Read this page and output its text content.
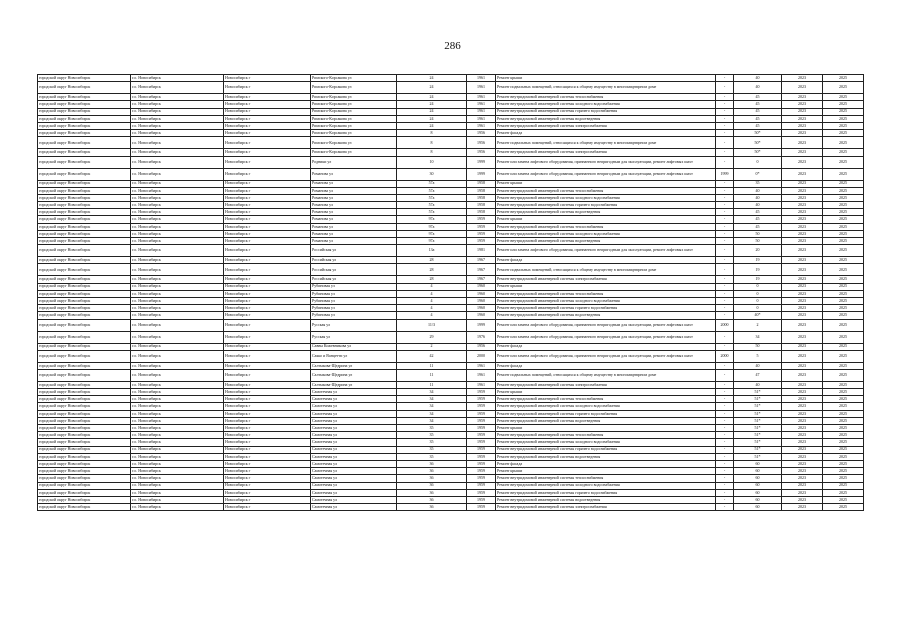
286
городской округ Новосибирск	г.о. Новосибирск	Новосибирск г	Римского-Корсакова ул	24	1961	Ремонт крыши	-	40	2023	2025
городской округ Новосибирск	г.о. Новосибирск	Новосибирск г	Римского-Корсакова ул	24	1961	Ремонт подвальных помещений, относящихся к общему имуществу в многоквартирном доме	-	40	2023	2025
городской округ Новосибирск	г.о. Новосибирск	Новосибирск г	Римского-Корсакова ул	24	1961	Ремонт внутридомовой инженерной системы теплоснабжения	-	45	2023	2025
городской округ Новосибирск	г.о. Новосибирск	Новосибирск г	Римского-Корсакова ул	24	1961	Ремонт внутридомовой инженерной системы холодного водоснабжения	-	45	2023	2025
городской округ Новосибирск	г.о. Новосибирск	Новосибирск г	Римского-Корсакова ул	24	1961	Ремонт внутридомовой инженерной системы горячего водоснабжения	-	45	2023	2025
городской округ Новосибирск	г.о. Новосибирск	Новосибирск г	Римского-Корсакова ул	24	1961	Ремонт внутридомовой инженерной системы водоотведения	-	45	2023	2025
городской округ Новосибирск	г.о. Новосибирск	Новосибирск г	Римского-Корсакова ул	24	1961	Ремонт внутридомовой инженерной системы электроснабжения	-	45	2023	2025
городской округ Новосибирск	г.о. Новосибирск	Новосибирск г	Римского-Корсакова ул	8	1956	Ремонт фасада	-	50*	2023	2025
городской округ Новосибирск	г.о. Новосибирск	Новосибирск г	Римского-Корсакова ул	8	1956	Ремонт подвальных помещений, относящихся к общему имуществу в многоквартирном доме	-	50*	2023	2025
городской округ Новосибирск	г.о. Новосибирск	Новосибирск г	Римского-Корсакова ул	8	1956	Ремонт внутридомовой инженерной системы электроснабжения	-	50*	2023	2025
городской округ Новосибирск	г.о. Новосибирск	Новосибирск г	Родники ул	10	1999	Ремонт или замена лифтового оборудования, признанного непригодным для эксплуатации, ремонт лифтовых шахт	-	0	2023	2025
городской округ Новосибирск	г.о. Новосибирск	Новосибирск г	Романова ул	30	1999	Ремонт или замена лифтового оборудования, признанного непригодным для эксплуатации, ремонт лифтовых шахт	1999	0*	2023	2025
городской округ Новосибирск	г.о. Новосибирск	Новосибирск г	Романова ул	57а	1958	Ремонт крыши	-	35	2023	2025
городской округ Новосибирск	г.о. Новосибирск	Новосибирск г	Романова ул	57а	1958	Ремонт внутридомовой инженерной системы теплоснабжения	-	40	2023	2025
городской округ Новосибирск	г.о. Новосибирск	Новосибирск г	Романова ул	57а	1958	Ремонт внутридомовой инженерной системы холодного водоснабжения	-	40	2023	2025
городской округ Новосибирск	г.о. Новосибирск	Новосибирск г	Романова ул	57а	1958	Ремонт внутридомовой инженерной системы горячего водоснабжения	-	40	2023	2025
городской округ Новосибирск	г.о. Новосибирск	Новосибирск г	Романова ул	57а	1958	Ремонт внутридомовой инженерной системы водоотведения	-	45	2023	2025
городской округ Новосибирск	г.о. Новосибирск	Новосибирск г	Романова ул	97а	1959	Ремонт крыши	-	45	2023	2025
городской округ Новосибирск	г.о. Новосибирск	Новосибирск г	Романова ул	97а	1959	Ремонт внутридомовой инженерной системы теплоснабжения	-	45	2023	2025
городской округ Новосибирск	г.о. Новосибирск	Новосибирск г	Романова ул	97а	1959	Ремонт внутридомовой инженерной системы холодного водоснабжения	-	50	2023	2025
городской округ Новосибирск	г.о. Новосибирск	Новосибирск г	Романова ул	97а	1959	Ремонт внутридомовой инженерной системы водоотведения	-	50	2023	2025
городской округ Новосибирск	г.о. Новосибирск	Новосибирск г	Российская ул	13а	1981	Ремонт или замена лифтового оборудования, признанного непригодным для эксплуатации, ремонт лифтовых шахт	-	20	2023	2025
городской округ Новосибирск	г.о. Новосибирск	Новосибирск г	Российская ул	28	1967	Ремонт фасада	-	19	2023	2025
городской округ Новосибирск	г.о. Новосибирск	Новосибирск г	Российская ул	28	1967	Ремонт подвальных помещений, относящихся к общему имуществу в многоквартирном доме	-	19	2023	2025
городской округ Новосибирск	г.о. Новосибирск	Новосибирск г	Российская ул	28	1967	Ремонт внутридомовой инженерной системы электроснабжения	-	19	2023	2025
городской округ Новосибирск	г.о. Новосибирск	Новосибирск г	Рубиновая ул	4	1960	Ремонт крыши	-	0	2023	2025
городской округ Новосибирск	г.о. Новосибирск	Новосибирск г	Рубиновая ул	4	1960	Ремонт внутридомовой инженерной системы теплоснабжения	-	0	2023	2025
городской округ Новосибирск	г.о. Новосибирск	Новосибирск г	Рубиновая ул	4	1960	Ремонт внутридомовой инженерной системы холодного водоснабжения	-	0	2023	2025
городской округ Новосибирск	г.о. Новосибирск	Новосибирск г	Рубиновая ул	4	1960	Ремонт внутридомовой инженерной системы горячего водоснабжения	-	0	2023	2025
городской округ Новосибирск	г.о. Новосибирск	Новосибирск г	Рубиновая ул	4	1960	Ремонт внутридомовой инженерной системы водоотведения	-	40*	2023	2025
городской округ Новосибирск	г.о. Новосибирск	Новосибирск г	Русская ул	11/3	1999	Ремонт или замена лифтового оборудования, признанного непригодным для эксплуатации, ремонт лифтовых шахт	2000	2	2023	2025
городской округ Новосибирск	г.о. Новосибирск	Новосибирск г	Русская ул	29	1976	Ремонт или замена лифтового оборудования, признанного непригодным для эксплуатации, ремонт лифтовых шахт	-	34	2023	2025
городской округ Новосибирск	г.о. Новосибирск	Новосибирск г	Саввы Кожевникова ул	2	1956	Ремонт фасада	-	50	2023	2025
городской округ Новосибирск	г.о. Новосибирск	Новосибирск г	Сакко и Ванцетти ул	42	2000	Ремонт или замена лифтового оборудования, признанного непригодным для эксплуатации, ремонт лифтовых шахт	2000	5	2023	2025
городской округ Новосибирск	г.о. Новосибирск	Новосибирск г	Салтыкова-Щедрина ул	11	1961	Ремонт фасада	-	40	2023	2025
городской округ Новосибирск	г.о. Новосибирск	Новосибирск г	Салтыкова-Щедрина ул	11	1961	Ремонт подвальных помещений, относящихся к общему имуществу в многоквартирном доме	-	47	2023	2025
городской округ Новосибирск	г.о. Новосибирск	Новосибирск г	Салтыкова-Щедрина ул	11	1961	Ремонт внутридомовой инженерной системы электроснабжения	-	40	2023	2025
городской округ Новосибирск	г.о. Новосибирск	Новосибирск г	Самотечная ул	34	1959	Ремонт крыши	-	51*	2023	2025
городской округ Новосибирск	г.о. Новосибирск	Новосибирск г	Самотечная ул	34	1959	Ремонт внутридомовой инженерной системы теплоснабжения	-	51*	2023	2025
городской округ Новосибирск	г.о. Новосибирск	Новосибирск г	Самотечная ул	34	1959	Ремонт внутридомовой инженерной системы холодного водоснабжения	-	51*	2023	2025
городской округ Новосибирск	г.о. Новосибирск	Новосибирск г	Самотечная ул	34	1959	Ремонт внутридомовой инженерной системы горячего водоснабжения	-	51*	2023	2025
городской округ Новосибирск	г.о. Новосибирск	Новосибирск г	Самотечная ул	34	1959	Ремонт внутридомовой инженерной системы водоотведения	-	51*	2023	2025
городской округ Новосибирск	г.о. Новосибирск	Новосибирск г	Самотечная ул	35	1959	Ремонт крыши	-	51*	2023	2025
городской округ Новосибирск	г.о. Новосибирск	Новосибирск г	Самотечная ул	35	1959	Ремонт внутридомовой инженерной системы теплоснабжения	-	51*	2023	2025
городской округ Новосибирск	г.о. Новосибирск	Новосибирск г	Самотечная ул	35	1959	Ремонт внутридомовой инженерной системы холодного водоснабжения	-	51*	2023	2025
городской округ Новосибирск	г.о. Новосибирск	Новосибирск г	Самотечная ул	35	1959	Ремонт внутридомовой инженерной системы горячего водоснабжения	-	51*	2023	2025
городской округ Новосибирск	г.о. Новосибирск	Новосибирск г	Самотечная ул	35	1959	Ремонт внутридомовой инженерной системы водоотведения	-	51*	2023	2025
городской округ Новосибирск	г.о. Новосибирск	Новосибирск г	Самотечная ул	36	1959	Ремонт фасада	-	60	2023	2025
городской округ Новосибирск	г.о. Новосибирск	Новосибирск г	Самотечная ул	36	1959	Ремонт крыши	-	60	2023	2025
городской округ Новосибирск	г.о. Новосибирск	Новосибирск г	Самотечная ул	36	1959	Ремонт внутридомовой инженерной системы теплоснабжения	-	60	2023	2025
городской округ Новосибирск	г.о. Новосибирск	Новосибирск г	Самотечная ул	36	1959	Ремонт внутридомовой инженерной системы холодного водоснабжения	-	60	2023	2025
городской округ Новосибирск	г.о. Новосибирск	Новосибирск г	Самотечная ул	36	1959	Ремонт внутридомовой инженерной системы горячего водоснабжения	-	60	2023	2025
городской округ Новосибирск	г.о. Новосибирск	Новосибирск г	Самотечная ул	36	1959	Ремонт внутридомовой инженерной системы водоотведения	-	60	2023	2025
городской округ Новосибирск	г.о. Новосибирск	Новосибирск г	Самотечная ул	36	1959	Ремонт внутридомовой инженерной системы электроснабжения	-	60	2023	2025
